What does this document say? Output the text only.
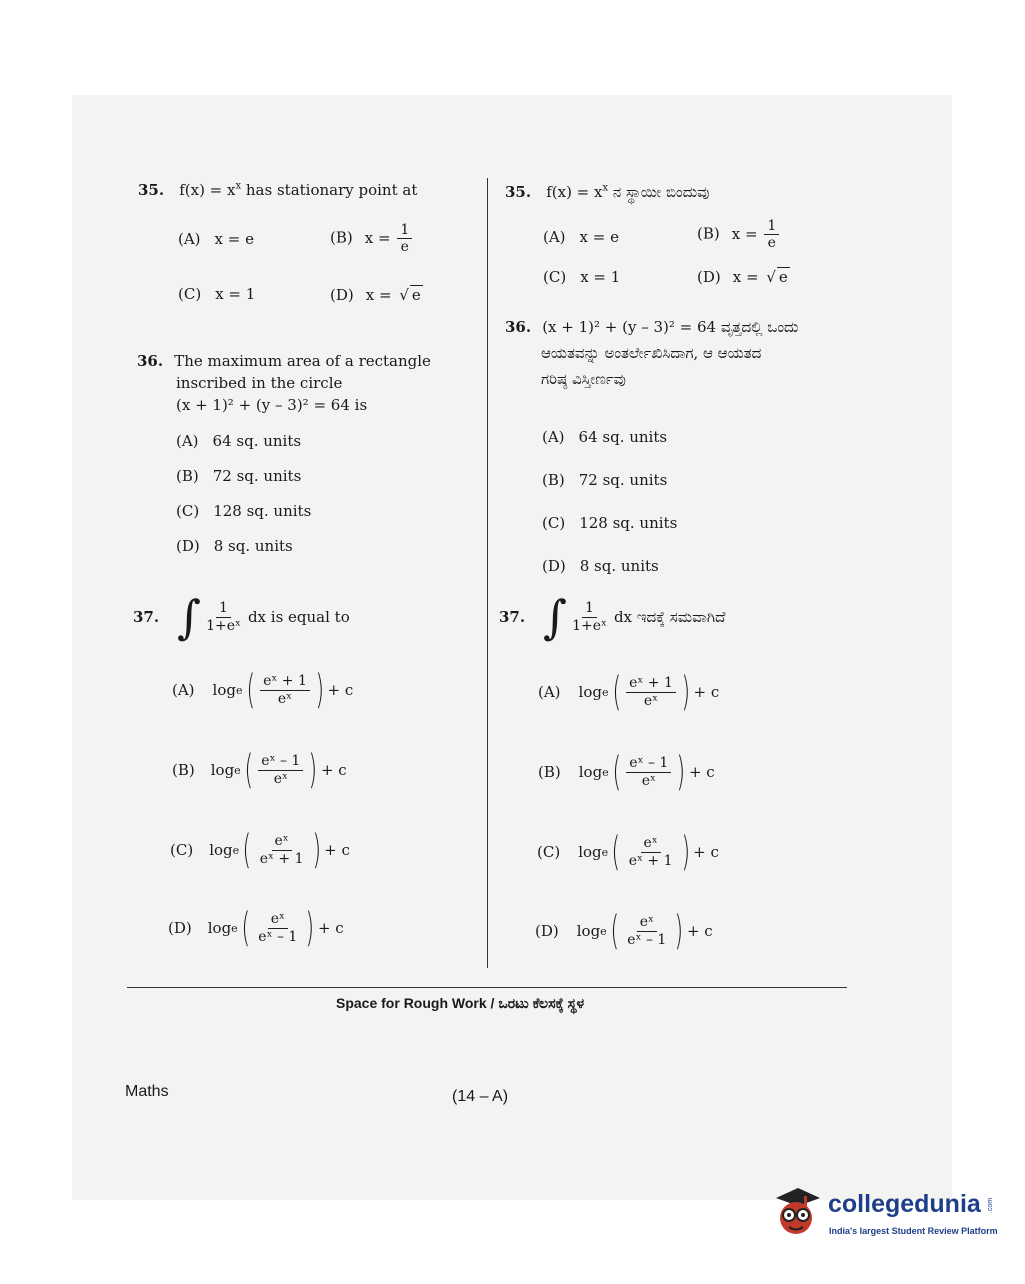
35. $f(x) = x^x$ has stationary point at
(A) x = e	(B) $x = \frac{1}{e}$
(C) x = 1	(D) x = √ e
36. The maximum area of a rectangle
inscribed in the circle
(x + 1)² + (y – 3)² = 64 is
(A) 64 sq. units
(B) 72 sq. units
(C) 128 sq. units
(D) 8 sq. units
37. ∫ $\frac{1}{\text{1+eˣ}}$ dx is equal to
(A) log e ( $\frac{\text{eˣ + 1}}{\text{eˣ}}$ ) + c
(B) log e ( $\frac{\text{eˣ – 1}}{\text{eˣ}}$ ) + c
(C) log e ( $\frac{\text{eˣ}}{\text{eˣ + 1}}$ ) + c
(D) log e ( $\frac{\text{eˣ}}{\text{eˣ – 1}}$ ) + c
35. $f(x) = x^x$ ನ ಸ್ಥಾಯೀ ಬಿಂದುವು
(A) x = e	(B) $x = \frac{1}{e}$
(C) x = 1	(D) x = √ e
36. (x + 1)² + (y – 3)² = 64 ವೃತ್ತದಲ್ಲಿ ಒಂದು
ಆಯತವನ್ನು ಅಂತರ್ಲೇಖಿಸಿದಾಗ, ಆ ಆಯತದ
ಗರಿಷ್ಠ ವಿಸ್ತೀರ್ಣವು
(A) 64 sq. units
(B) 72 sq. units
(C) 128 sq. units
(D) 8 sq. units
37. ∫ $\frac{1}{\text{1+eˣ}}$ dx ಇದಕ್ಕೆ ಸಮವಾಗಿದೆ
(A) log e ( $\frac{\text{eˣ + 1}}{\text{eˣ}}$ ) + c
(B) log e ( $\frac{\text{eˣ – 1}}{\text{eˣ}}$ ) + c
(C) log e ( $\frac{\text{eˣ}}{\text{eˣ + 1}}$ ) + c
(D) log e ( $\frac{\text{eˣ}}{\text{eˣ – 1}}$ ) + c
Space for Rough Work / ಒರಟು ಕೆಲಸಕ್ಕೆ ಸ್ಥಳ
Maths	(14 – A)
collegedunia .com
India's largest Student Review Platform
